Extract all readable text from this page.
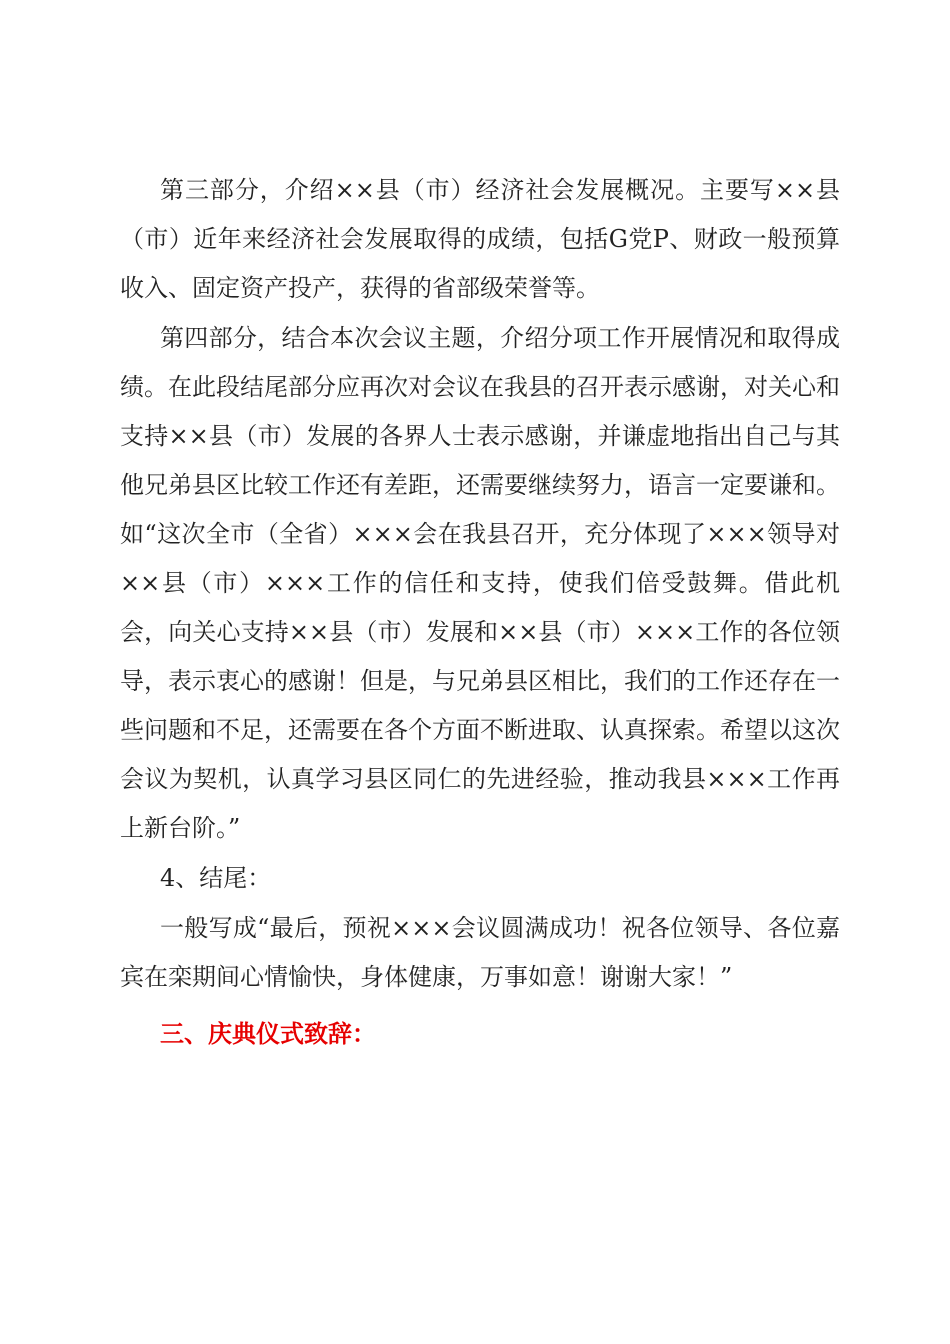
第三部分，介绍××县（市）经济社会发展概况。主要写××县（市）近年来经济社会发展取得的成绩，包括G党P、财政一般预算收入、固定资产投产，获得的省部级荣誉等。

第四部分，结合本次会议主题，介绍分项工作开展情况和取得成绩。在此段结尾部分应再次对会议在我县的召开表示感谢，对关心和支持××县（市）发展的各界人士表示感谢，并谦虚地指出自己与其他兄弟县区比较工作还有差距，还需要继续努力，语言一定要谦和。如“这次全市（全省）×××会在我县召开，充分体现了×××领导对××县（市）×××工作的信任和支持，使我们倍受鼓舞。借此机会，向关心支持××县（市）发展和××县（市）×××工作的各位领导，表示衷心的感谢！但是，与兄弟县区相比，我们的工作还存在一些问题和不足，还需要在各个方面不断进取、认真探索。希望以这次会议为契机，认真学习县区同仁的先进经验，推动我县×××工作再上新台阶。”

4、结尾：

一般写成“最后，预祝×××会议圆满成功！祝各位领导、各位嘉宾在栾期间心情愉快，身体健康，万事如意！谢谢大家！”

三、庆典仪式致辞：
